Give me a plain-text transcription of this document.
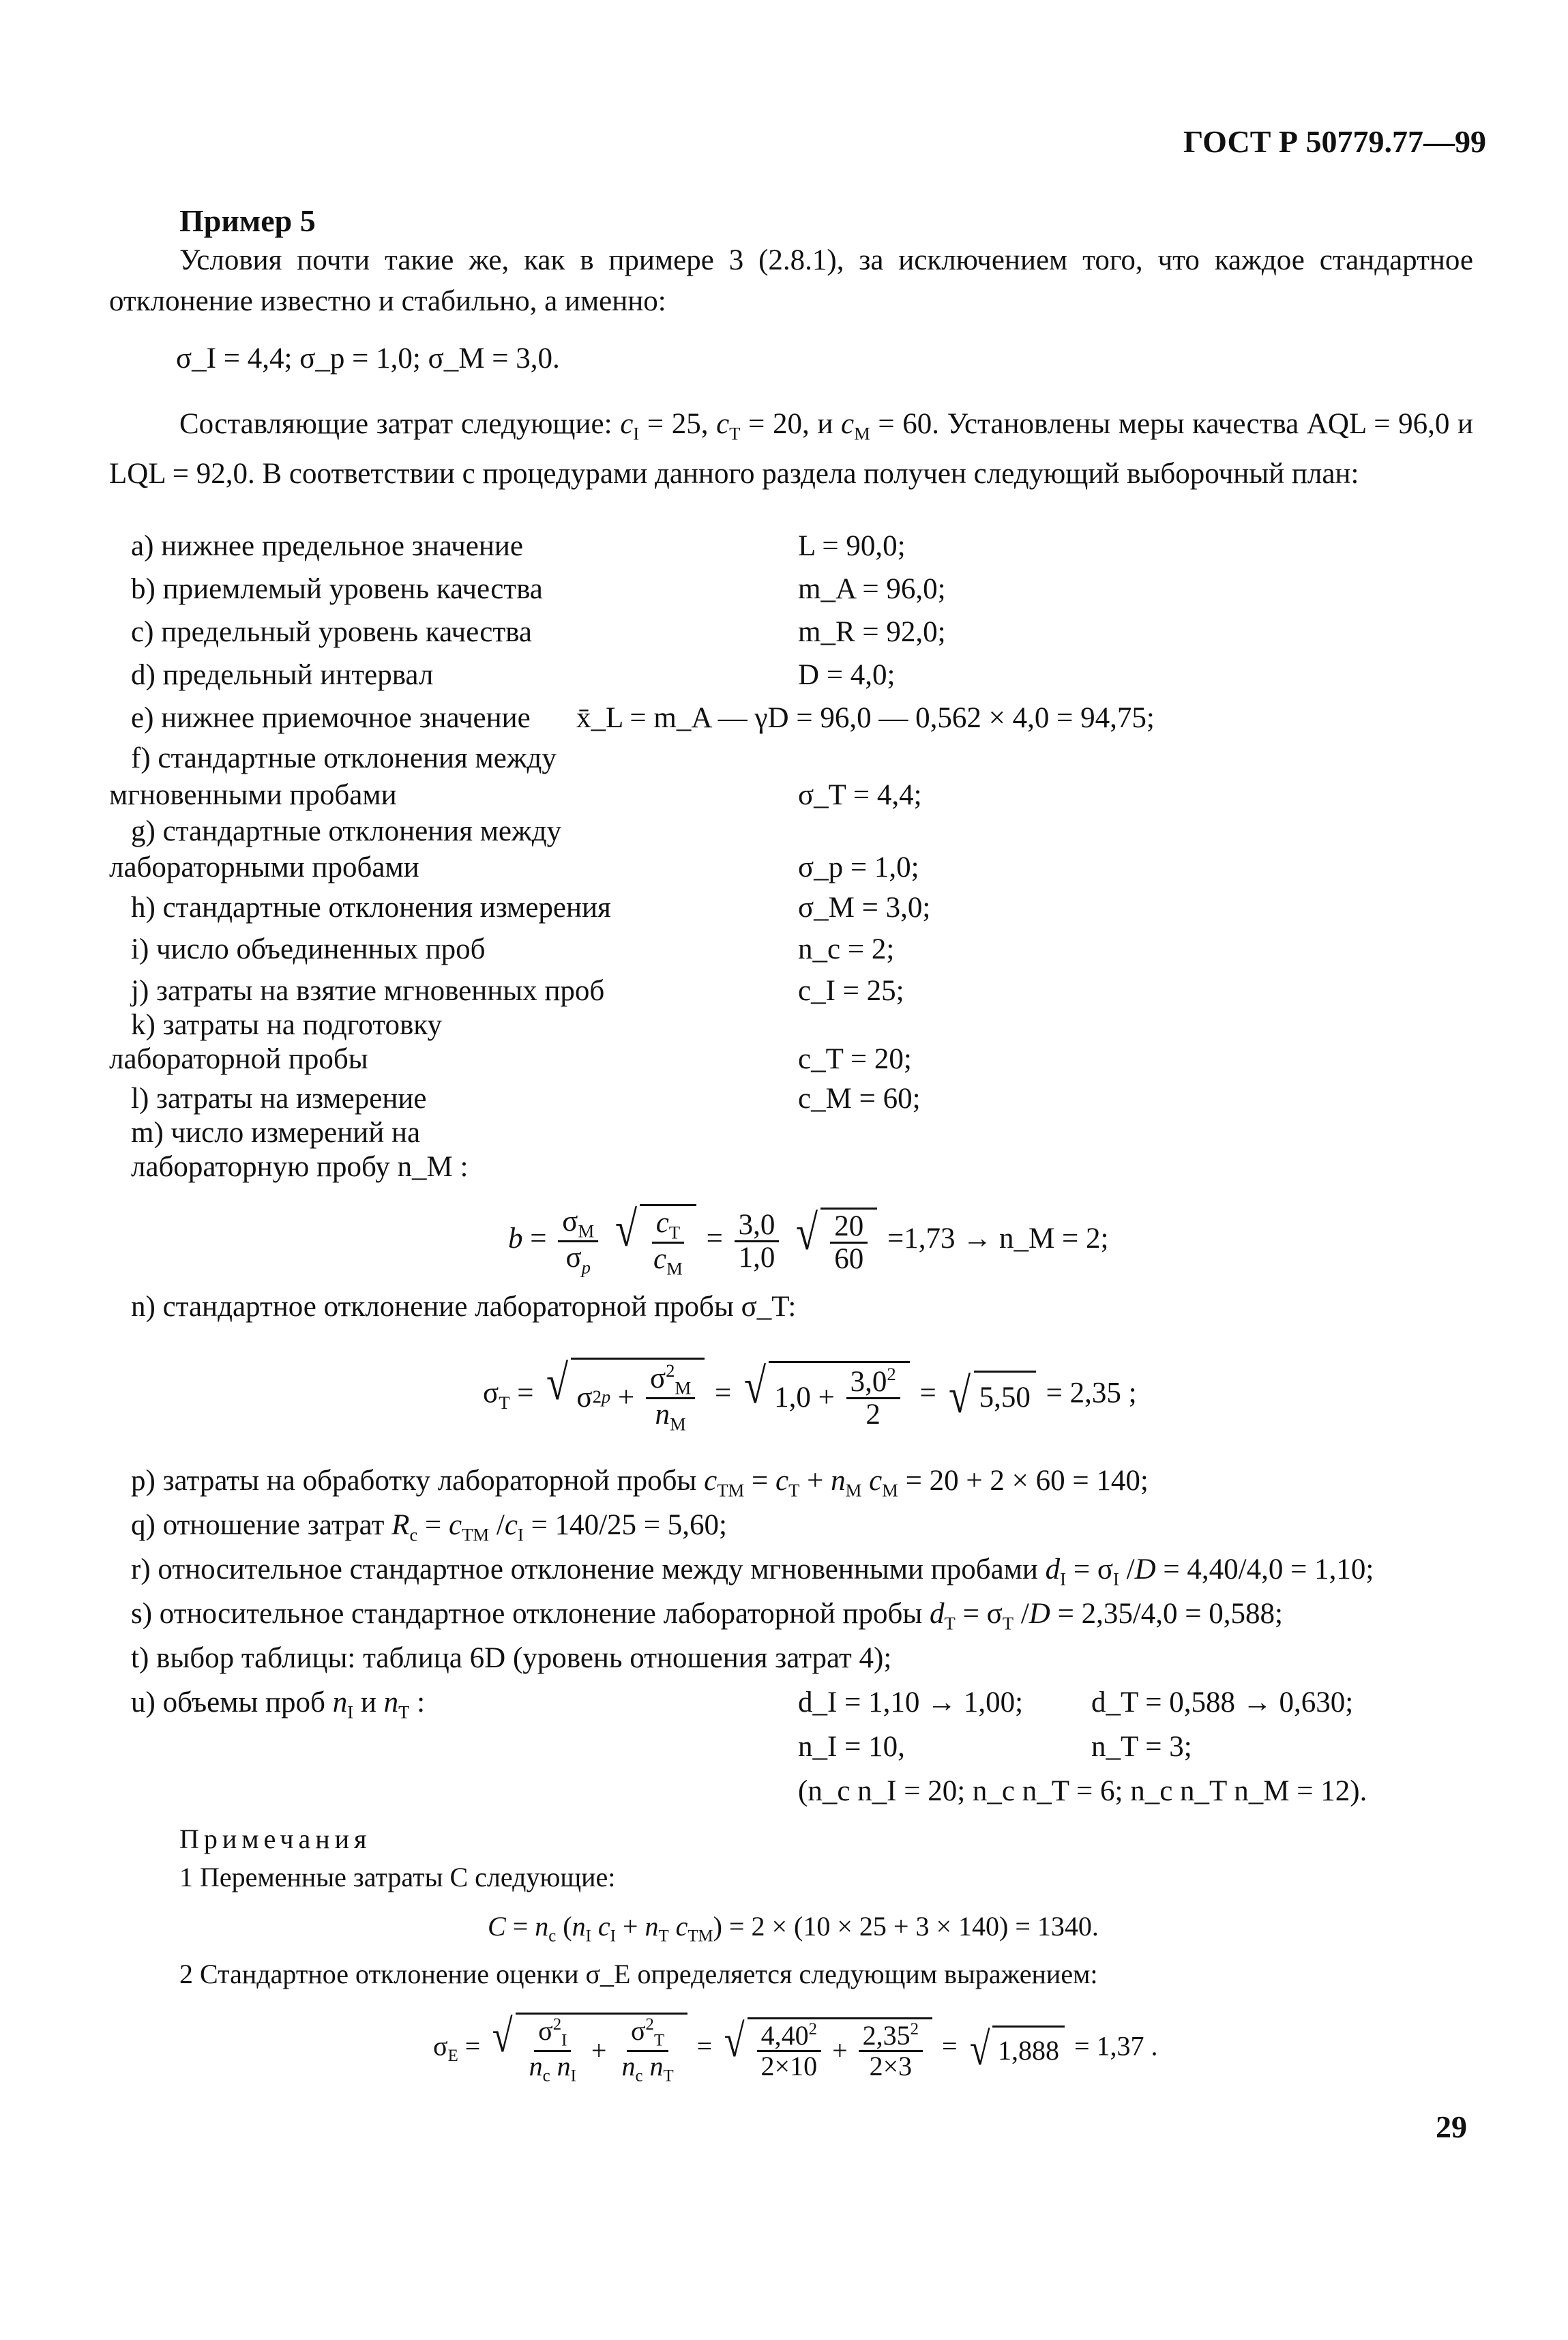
ГОСТ Р 50779.77—99
Пример 5
Условия почти такие же, как в примере 3 (2.8.1), за исключением того, что каждое стандартное отклонение известно и стабильно, а именно:
σ_I = 4,4; σ_p = 1,0; σ_M = 3,0.
Составляющие затрат следующие: $c_I = 25$, $c_T = 20$, и $c_M = 60$. Установлены меры качества AQL = 96,0 и LQL = 92,0. В соответствии с процедурами данного раздела получен следующий выборочный план:
a) нижнее предельное значение	L = 90,0;
b) приемлемый уровень качества	m_A = 96,0;
c) предельный уровень качества	m_R = 92,0;
d) предельный интервал	D = 4,0;
e) нижнее приемочное значение x̄_L = m_A — γD = 96,0 — 0,562 × 4,0 = 94,75;
f) стандартные отклонения между
мгновенными пробами	σ_T = 4,4;
g) стандартные отклонения между
лабораторными пробами	σ_p = 1,0;
h) стандартные отклонения измерения	σ_M = 3,0;
i) число объединенных проб	n_c = 2;
j) затраты на взятие мгновенных проб	c_I = 25;
k) затраты на подготовку
лабораторной пробы	c_T = 20;
l) затраты на измерение	c_M = 60;
m) число измерений на
лабораторную пробу n_M :
$b = \frac{\sigma_M}{\sigma_p}$
√ $\frac{c_T}{c_M} = \frac{3,0}{1,0}$
√ $\frac{20}{60} =1,73$ → n_M = 2;
n) стандартное отклонение лабораторной пробы σ_T:
$\sigma_T$ = √ σ 2 $p + \frac{\sigma^2_M}{n_M}$ = √ $1,0 + \frac{3,0^2}{2}$ = √ 5,50 = 2,35 ;
p) затраты на обработку лабораторной пробы $c_{TM} = c_T + n_M$ $c_M = 20 + 2 \times 60 = 140$;
q) отношение затрат $R_c = c_{TM}$ $/c_I = 140/25 = 5,60$;
r) относительное стандартное отклонение между мгновенными пробами $d_I = \sigma_I$ /D = 4,40/4,0 = 1,10;
s) относительное стандартное отклонение лабораторной пробы $d_T = \sigma_T$ /D = 2,35/4,0 = 0,588;
t) выбор таблицы: таблица 6D (уровень отношения затрат 4);
u) объемы проб $n_I$ и $n_T$ :	d_I = 1,10 → 1,00; d_T = 0,588 → 0,630;
n_I = 10,	n_T = 3;
(n_c n_I = 20; n_c n_T = 6; n_c n_T n_M = 12).
Примечания
1 Переменные затраты C следующие:
$C = n_c$ ($n_I$ $c_I + n_T$ $c_{TM}) = 2 \times (10 \times 25 + 3 \times 140) = 1340$.
2 Стандартное отклонение оценки σ_E определяется следующим выражением:
$\sigma_E$ = √ $\frac{\sigma^2_I}{n_c n_I} + \frac{\sigma^2_T}{n_c n_T}$ = √ $\frac{4,40^2}{2\times 10} + \frac{2,35^2}{2\times 3}$ = √ 1,888 = 1,37 .
29
